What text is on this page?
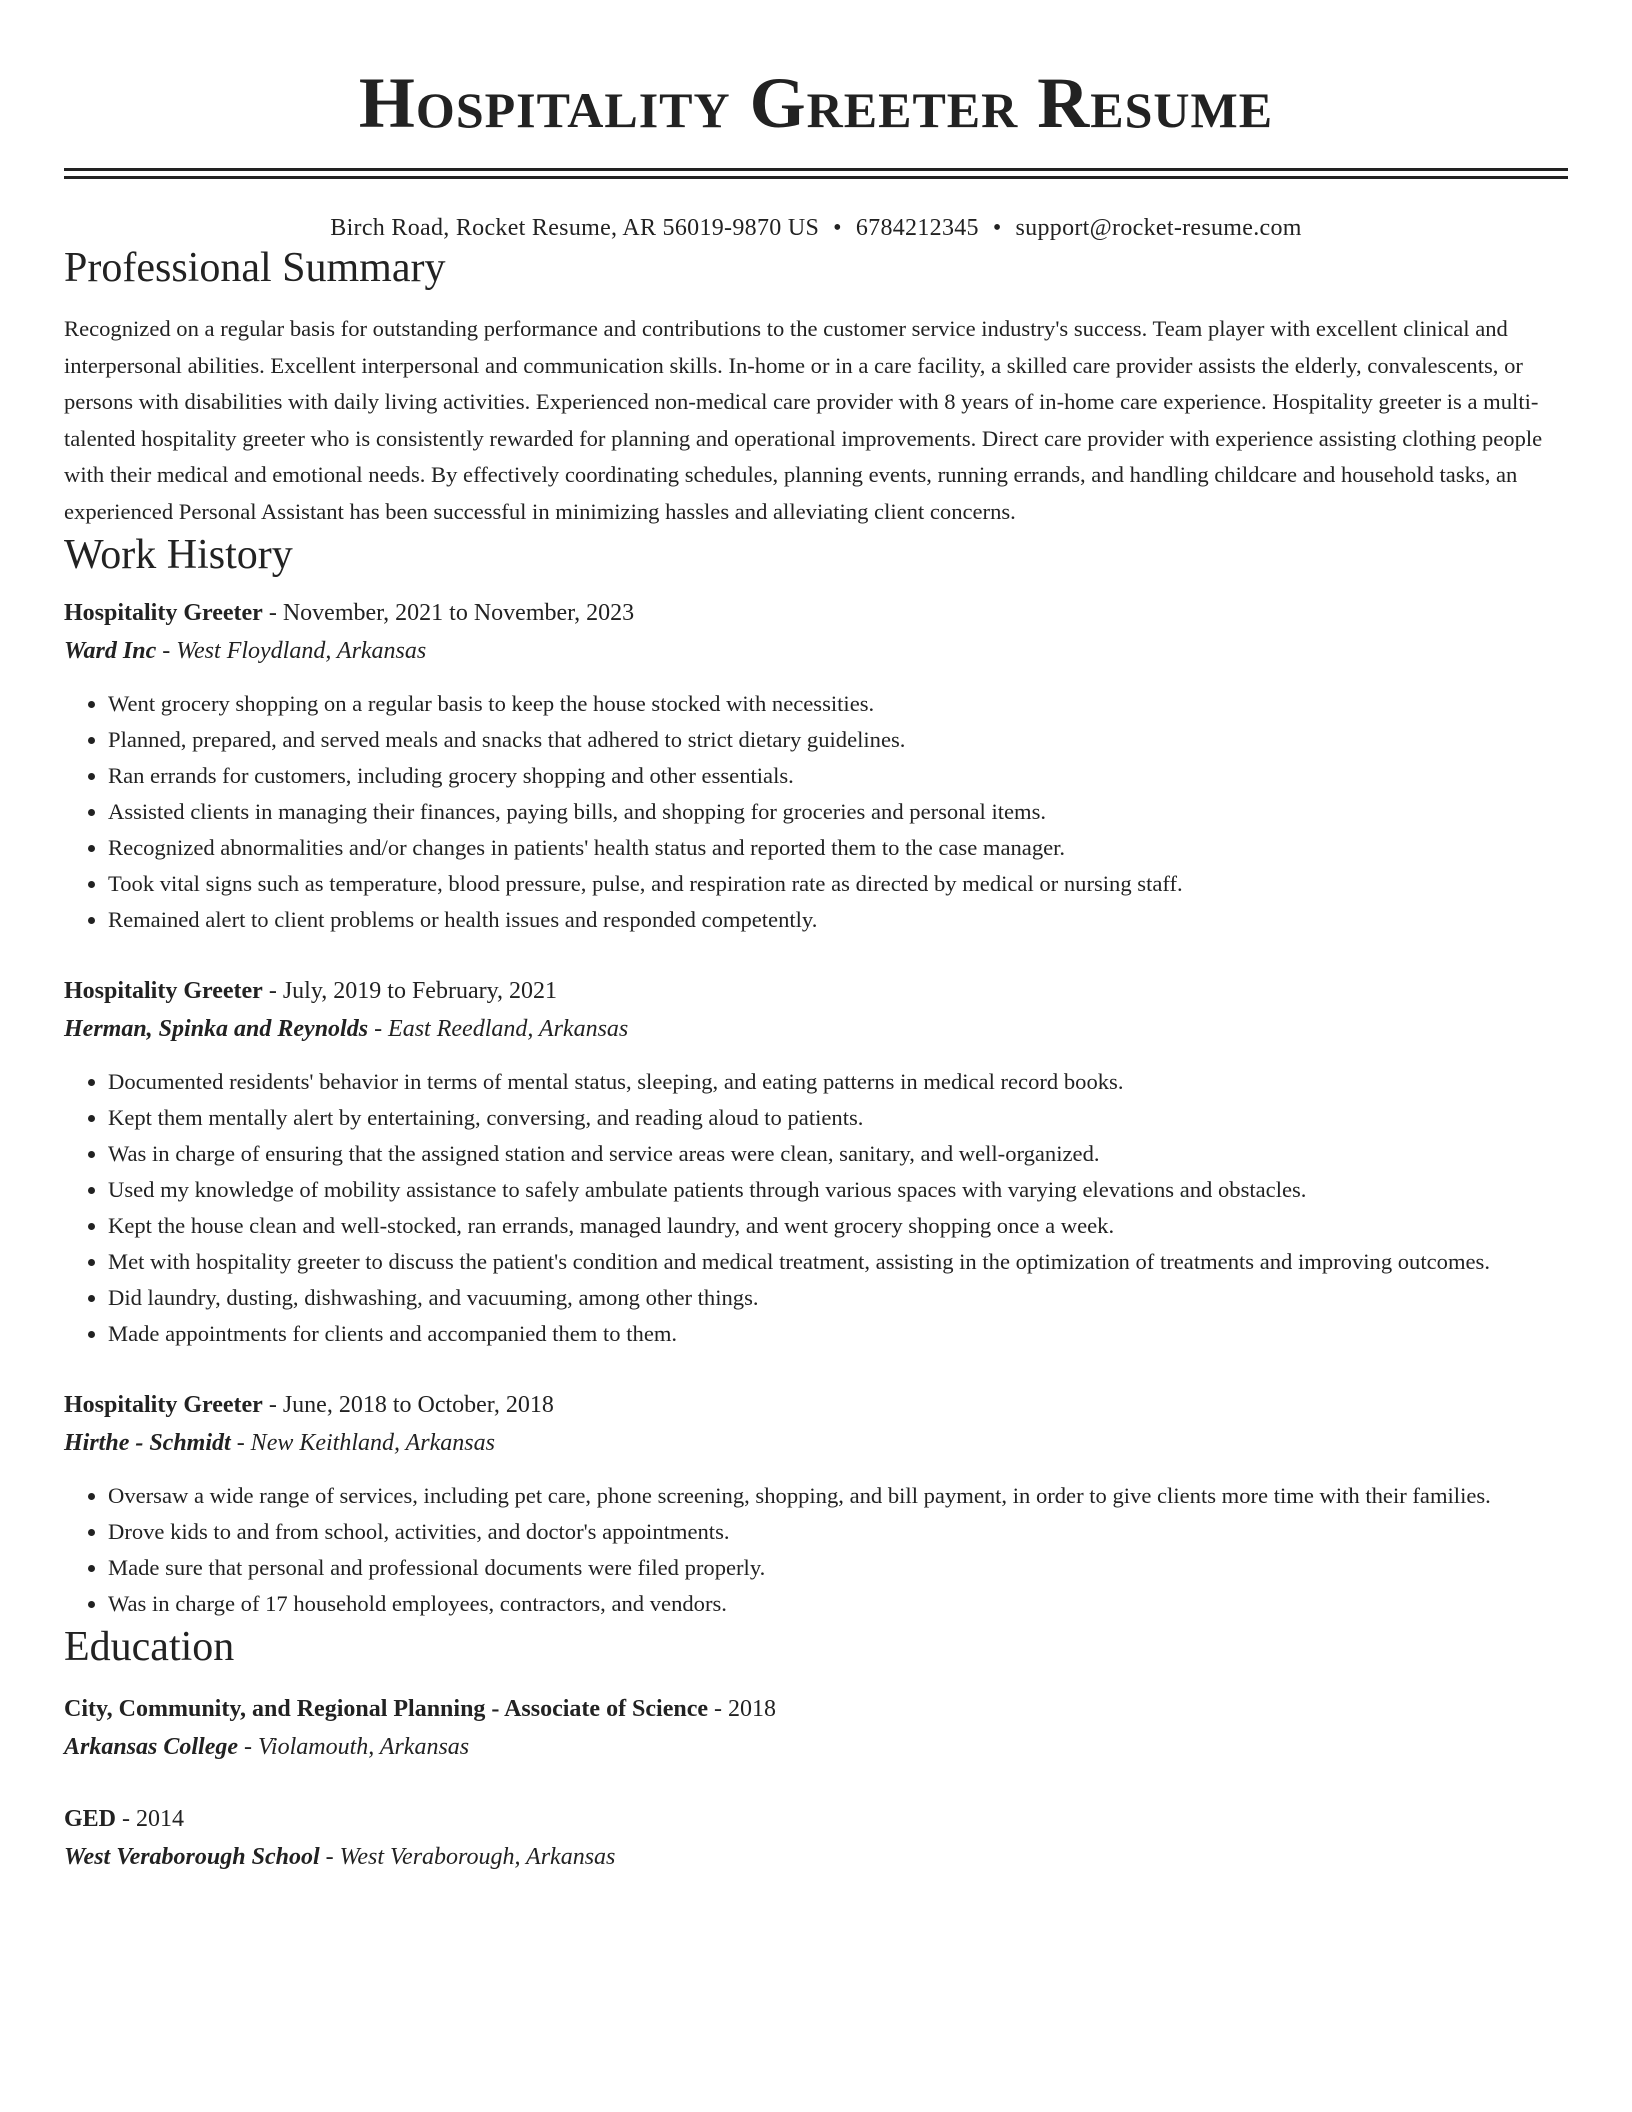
Hospitality Greeter Resume
Birch Road, Rocket Resume, AR 56019-9870 US • 6784212345 • support@rocket-resume.com
Professional Summary

Recognized on a regular basis for outstanding performance and contributions to the customer service industry's success. Team player with excellent clinical and interpersonal abilities. Excellent interpersonal and communication skills. In-home or in a care facility, a skilled care provider assists the elderly, convalescents, or persons with disabilities with daily living activities. Experienced non-medical care provider with 8 years of in-home care experience. Hospitality greeter is a multi-talented hospitality greeter who is consistently rewarded for planning and operational improvements. Direct care provider with experience assisting clothing people with their medical and emotional needs. By effectively coordinating schedules, planning events, running errands, and handling childcare and household tasks, an experienced Personal Assistant has been successful in minimizing hassles and alleviating client concerns.

Work History
Hospitality Greeter - November, 2021 to November, 2023
Ward Inc - West Floydland, Arkansas
• Went grocery shopping on a regular basis to keep the house stocked with necessities.
• Planned, prepared, and served meals and snacks that adhered to strict dietary guidelines.
• Ran errands for customers, including grocery shopping and other essentials.
• Assisted clients in managing their finances, paying bills, and shopping for groceries and personal items.
• Recognized abnormalities and/or changes in patients' health status and reported them to the case manager.
• Took vital signs such as temperature, blood pressure, pulse, and respiration rate as directed by medical or nursing staff.
• Remained alert to client problems or health issues and responded competently.
Hospitality Greeter - July, 2019 to February, 2021
Herman, Spinka and Reynolds - East Reedland, Arkansas
• Documented residents' behavior in terms of mental status, sleeping, and eating patterns in medical record books.
• Kept them mentally alert by entertaining, conversing, and reading aloud to patients.
• Was in charge of ensuring that the assigned station and service areas were clean, sanitary, and well-organized.
• Used my knowledge of mobility assistance to safely ambulate patients through various spaces with varying elevations and obstacles.
• Kept the house clean and well-stocked, ran errands, managed laundry, and went grocery shopping once a week.
• Met with hospitality greeter to discuss the patient's condition and medical treatment, assisting in the optimization of treatments and improving outcomes.
• Did laundry, dusting, dishwashing, and vacuuming, among other things.
• Made appointments for clients and accompanied them to them.
Hospitality Greeter - June, 2018 to October, 2018
Hirthe - Schmidt - New Keithland, Arkansas
• Oversaw a wide range of services, including pet care, phone screening, shopping, and bill payment, in order to give clients more time with their families.
• Drove kids to and from school, activities, and doctor's appointments.
• Made sure that personal and professional documents were filed properly.
• Was in charge of 17 household employees, contractors, and vendors.
Education
City, Community, and Regional Planning - Associate of Science - 2018
Arkansas College - Violamouth, Arkansas
GED - 2014
West Veraborough School - West Veraborough, Arkansas
